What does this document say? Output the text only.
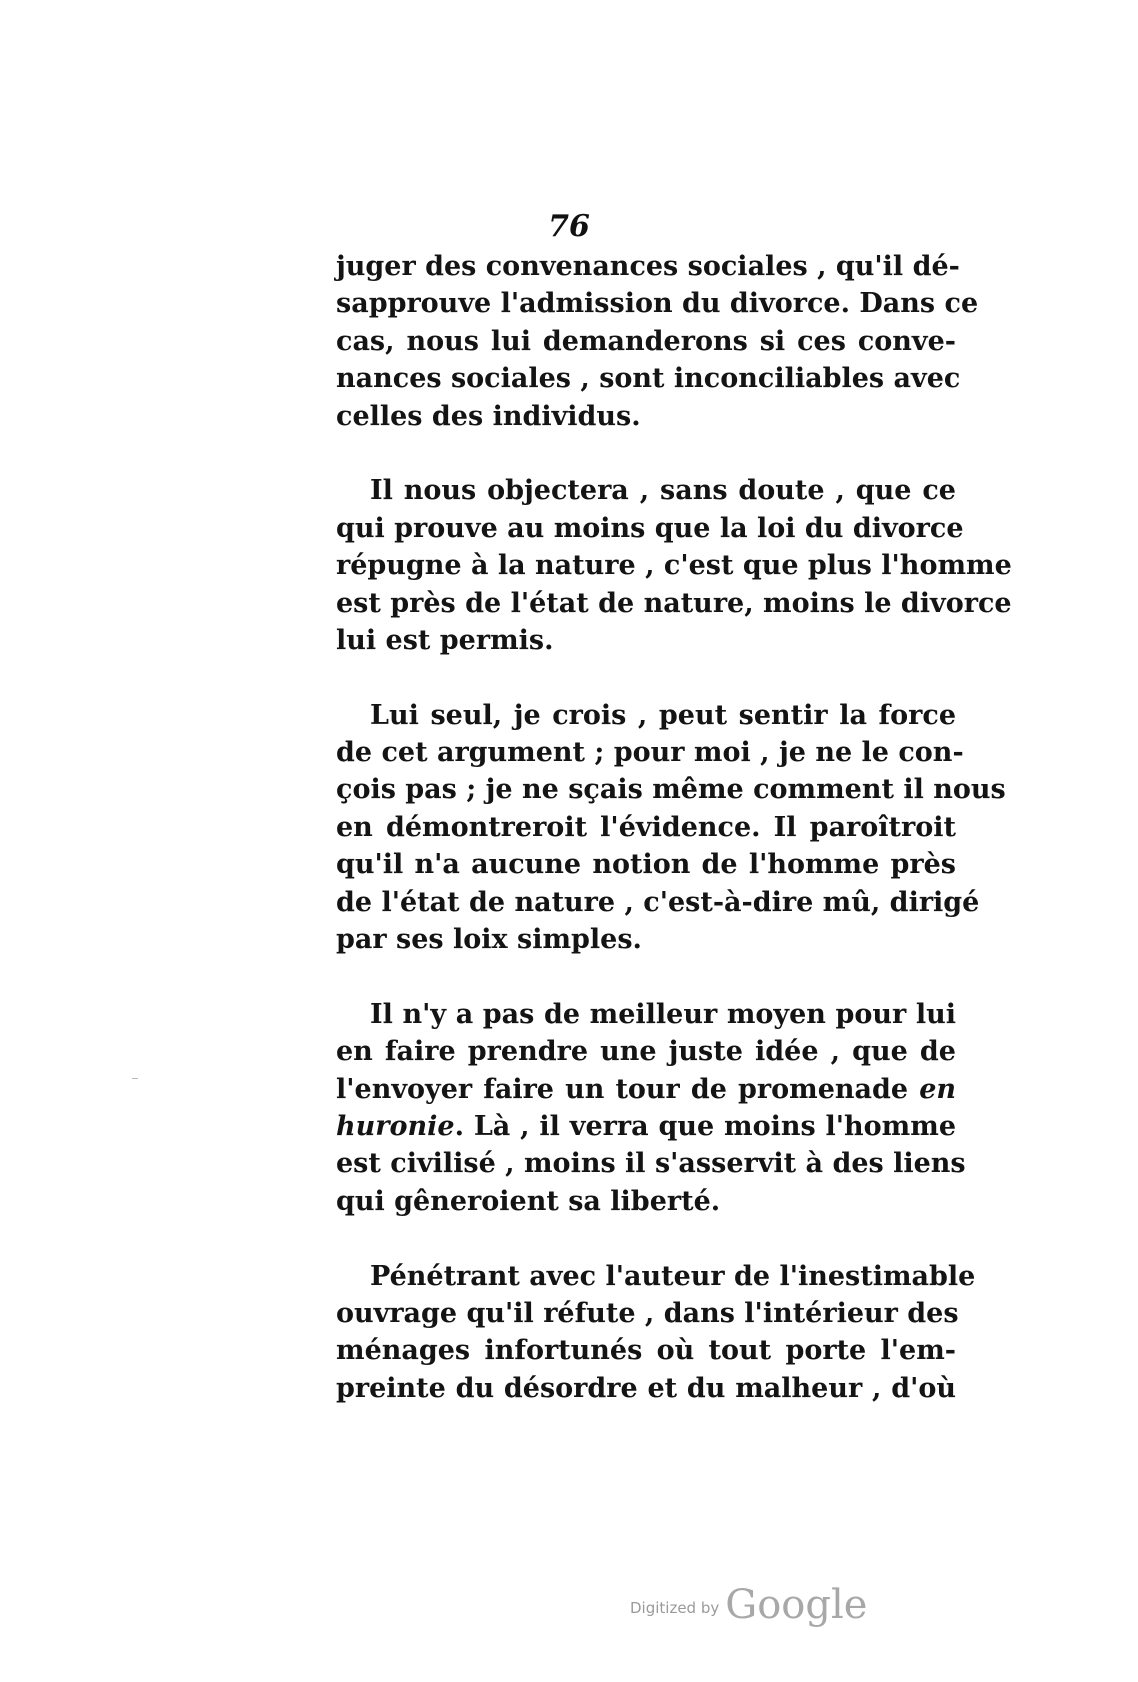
76
juger des convenances sociales , qu'il dé-
sapprouve l'admission du divorce. Dans ce
cas, nous lui demanderons si ces conve-
nances sociales , sont inconciliables avec
celles des individus.
Il nous objectera , sans doute , que ce
qui prouve au moins que la loi du divorce
répugne à la nature , c'est que plus l'homme
est près de l'état de nature, moins le divorce
lui est permis.
Lui seul, je crois , peut sentir la force
de cet argument ; pour moi , je ne le con-
çois pas ; je ne sçais même comment il nous
en démontreroit l'évidence. Il paroîtroit
qu'il n'a aucune notion de l'homme près
de l'état de nature , c'est-à-dire mû, dirigé
par ses loix simples.
Il n'y a pas de meilleur moyen pour lui
en faire prendre une juste idée , que de
l'envoyer faire un tour de promenade en
huronie. Là , il verra que moins l'homme
est civilisé , moins il s'asservit à des liens
qui gêneroient sa liberté.
Pénétrant avec l'auteur de l'inestimable
ouvrage qu'il réfute , dans l'intérieur des
ménages infortunés où tout porte l'em-
preinte du désordre et du malheur , d'où
Digitized by Google
